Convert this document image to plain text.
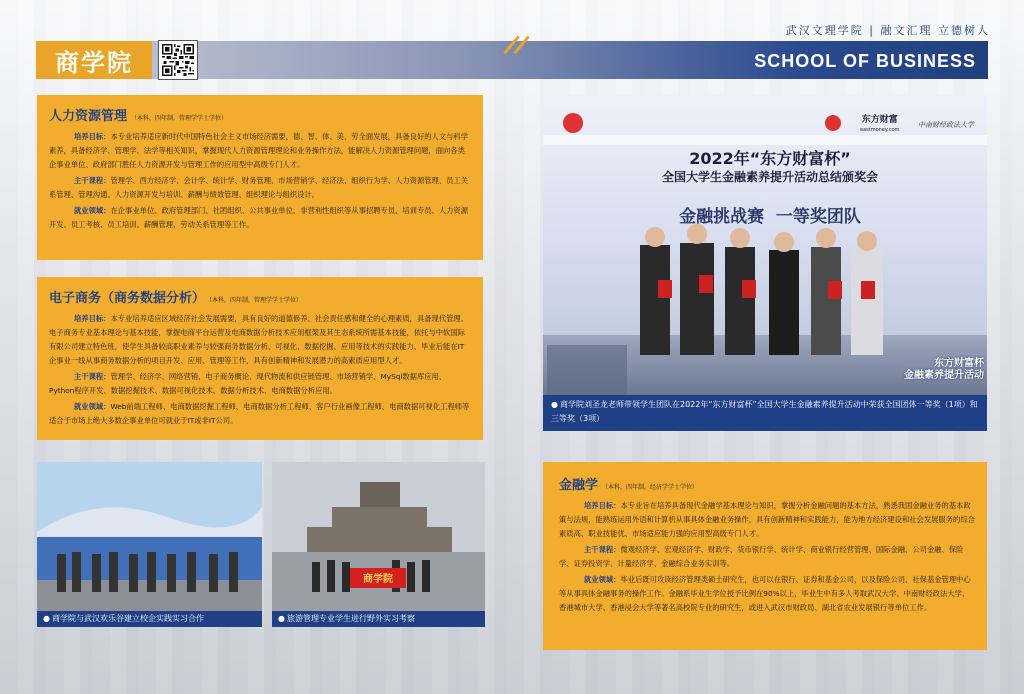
武汉文理学院 | 融文汇理 立德树人
商学院	SCHOOL OF BUSINESS
人力资源管理 （本科，四年制，管理学学士学位）

培养目标：本专业培养适应新时代中国特色社会主义市场经济需要，德、智、体、美、劳全面发展，具备良好的人文与科学素养，具备经济学、管理学、法学等相关知识，掌握现代人力资源管理理论和业务操作方法，能解决人力资源管理问题，面向各类企事业单位、政府部门胜任人力资源开发与管理工作的应用型中高级专门人才。

主干课程：管理学、西方经济学、会计学、统计学、财务管理、市场营销学、经济法、组织行为学、人力资源管理、员工关系管理、管理沟通、人力资源开发与培训、薪酬与绩效管理、组织理论与组织设计。

就业领域：在企事业单位、政府管理部门、社团组织、公共事业单位、非营利性组织等从事招聘专员、培训专员、人力资源开发、员工考核、员工培训、薪酬管理、劳动关系管理等工作。

电子商务（商务数据分析） （本科，四年制，管理学学士学位）

培养目标：本专业培养适应区域经济社会发展需要，具有良好的道德修养、社会责任感和健全的心理素质，具备现代管理、电子商务专业基本理论与基本技能，掌握电商平台运营及电商数据分析技术应用框架及其生态系统所需基本技能，依托与中软国际有限公司建立特色班，使学生具备较高职业素养与较强商务数据分析、可视化、数据挖掘、应用等技术的实践能力，毕业后能在IT企事业一线从事商务数据分析的项目开发、应用、管理等工作，具有创新精神和发展潜力的高素质应用型人才。

主干课程：管理学、经济学、网络营销、电子商务概论、现代物流和供应链管理、市场营销学、MySql数据库应用、Python程序开发、数据挖掘技术、数据可视化技术、数据分析技术、电商数据分析应用。

就业领域：Web前端工程师、电商数据挖掘工程师、电商数据分析工程师、客户行业画像工程师、电商数据可视化工程师等适合于市场上绝大多数企事业单位可就业于IT或非IT公司。

东方财富
eastmoney.com
中南财经政法大学
2022年“东方财富杯”
全国大学生金融素养提升活动总结颁奖会
金融挑战赛  一等奖团队
东方财富杯
金融素养提升活动
● 商学院刘圣龙老师带领学生团队在2022年“东方财富杯”全国大学生金融素养提升活动中荣获全国团体一等奖（1项）和三等奖（3项）
● 商学院与武汉欢乐谷建立校企实践实习合作
商学院
● 旅游管理专业学生进行野外实习考察
金融学 （本科，四年制，经济学学士学位）

培养目标：本专业旨在培养具备现代金融学基本理论与知识，掌握分析金融问题的基本方法，熟悉我国金融业务的基本政策与法规，能熟练运用外语和计算机从事具体金融业务操作，具有创新精神和实践能力，能为地方经济建设和社会发展服务的综合素质高、职业技能优、市场适应能力强的应用型高级专门人才。

主干课程：微观经济学、宏观经济学、财政学、货币银行学、统计学、商业银行经营管理、国际金融、公司金融、保险学、证券投资学、计量经济学、金融综合业务实训等。

就业领域：毕业后既可攻读经济管理类硕士研究生，也可以在银行、证券和基金公司，以及保险公司、社保基金管理中心等从事具体金融事务的操作工作。金融系毕业生学位授予比例在90%以上，毕业生中有多人考取武汉大学、中南财经政法大学、香港城市大学、香港浸会大学等著名高校院专业的研究生，或进入武汉市财政局、湖北省农业发展银行等单位工作。
